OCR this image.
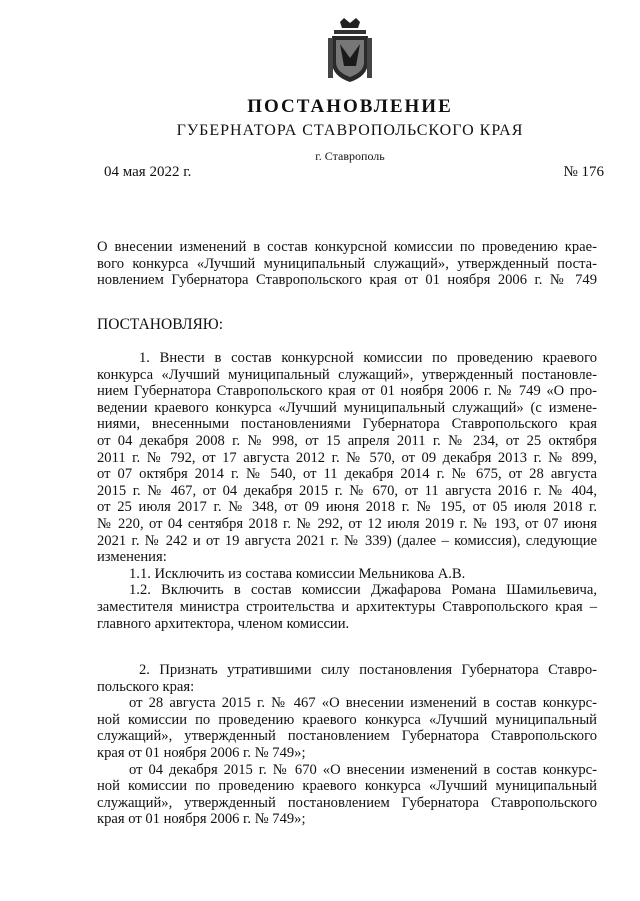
ПОСТАНОВЛЕНИЕ
ГУБЕРНАТОРА СТАВРОПОЛЬСКОГО КРАЯ
г. Ставрополь
04 мая 2022 г.	№ 176
О внесении изменений в состав конкурсной комиссии по проведению крае-
вого конкурса «Лучший муниципальный служащий», утвержденный поста-
новлением Губернатора Ставропольского края от 01 ноября 2006 г. № 749
ПОСТАНОВЛЯЮ:
1. Внести в состав конкурсной комиссии по проведению краевого
конкурса «Лучший муниципальный служащий», утвержденный постановле-
нием Губернатора Ставропольского края от 01 ноября 2006 г. № 749 «О про-
ведении краевого конкурса «Лучший муниципальный служащий» (с измене-
ниями, внесенными постановлениями Губернатора Ставропольского края
от 04 декабря 2008 г. № 998, от 15 апреля 2011 г. № 234, от 25 октября
2011 г. № 792, от 17 августа 2012 г. № 570, от 09 декабря 2013 г. № 899,
от 07 октября 2014 г. № 540, от 11 декабря 2014 г. № 675, от 28 августа
2015 г. № 467, от 04 декабря 2015 г. № 670, от 11 августа 2016 г. № 404,
от 25 июля 2017 г. № 348, от 09 июня 2018 г. № 195, от 05 июля 2018 г.
№ 220, от 04 сентября 2018 г. № 292, от 12 июля 2019 г. № 193, от 07 июня
2021 г. № 242 и от 19 августа 2021 г. № 339) (далее – комиссия), следующие
изменения:
1.1. Исключить из состава комиссии Мельникова А.В.
1.2. Включить в состав комиссии Джафарова Романа Шамильевича,
заместителя министра строительства и архитектуры Ставропольского края –
главного архитектора, членом комиссии.
2. Признать утратившими силу постановления Губернатора Ставро-
польского края:
от 28 августа 2015 г. № 467 «О внесении изменений в состав конкурс-
ной комиссии по проведению краевого конкурса «Лучший муниципальный
служащий», утвержденный постановлением Губернатора Ставропольского
края от 01 ноября 2006 г. № 749»;
от 04 декабря 2015 г. № 670 «О внесении изменений в состав конкурс-
ной комиссии по проведению краевого конкурса «Лучший муниципальный
служащий», утвержденный постановлением Губернатора Ставропольского
края от 01 ноября 2006 г. № 749»;
